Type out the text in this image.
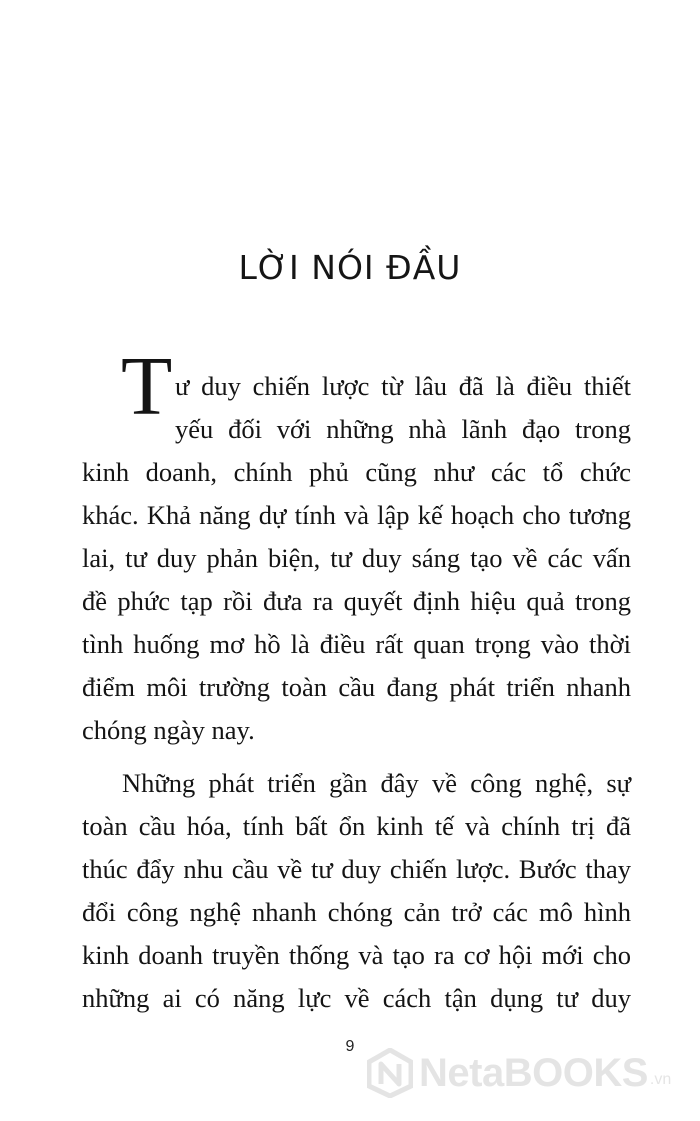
LỜI NÓI ĐẦU
T ư duy chiến lược từ lâu đã là điều thiết
yếu đối với những nhà lãnh đạo trong
kinh doanh, chính phủ cũng như các tổ chức
khác. Khả năng dự tính và lập kế hoạch cho tương
lai, tư duy phản biện, tư duy sáng tạo về các vấn
đề phức tạp rồi đưa ra quyết định hiệu quả trong
tình huống mơ hồ là điều rất quan trọng vào thời
điểm môi trường toàn cầu đang phát triển nhanh
chóng ngày nay.
Những phát triển gần đây về công nghệ, sự
toàn cầu hóa, tính bất ổn kinh tế và chính trị đã
thúc đẩy nhu cầu về tư duy chiến lược. Bước thay
đổi công nghệ nhanh chóng cản trở các mô hình
kinh doanh truyền thống và tạo ra cơ hội mới cho
những ai có năng lực về cách tận dụng tư duy
9
NetaBOOKS .vn
